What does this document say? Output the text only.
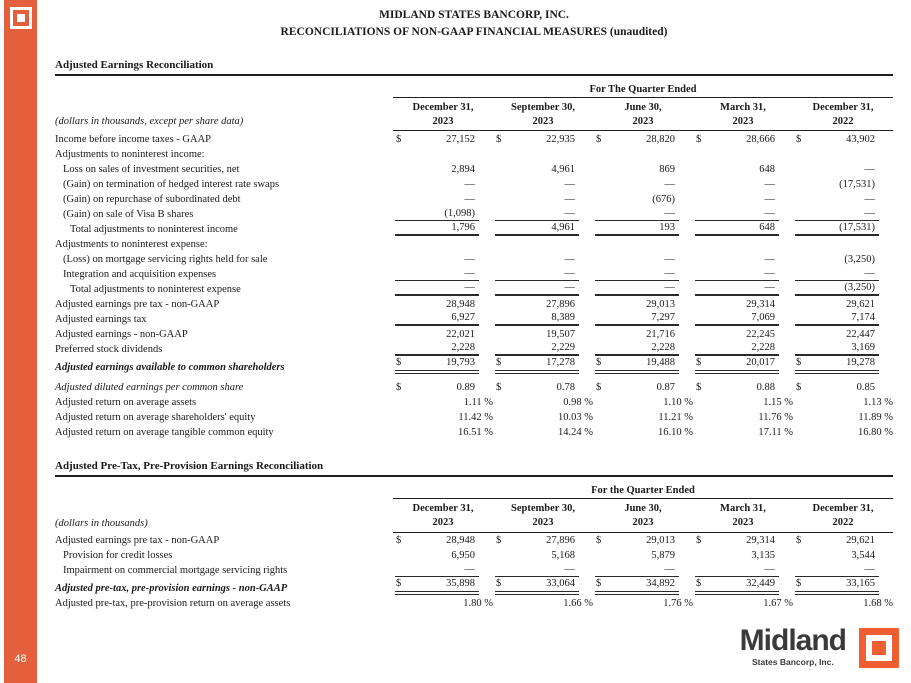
48
MIDLAND STATES BANCORP, INC.
RECONCILIATIONS OF NON-GAAP FINANCIAL MEASURES (unaudited)
Adjusted Earnings Reconciliation
	For The Quarter Ended				
(dollars in thousands, except per share data)	
December 31,
2023

September 30,
2023

June 30,
2023

March 31,
2023

December 31,
2022

Income before income taxes - GAAP	$ 27,152	$ 22,935	$ 28,820	$ 28,666	$ 43,902

Adjustments to noninterest income:					
Loss on sales of investment securities, net	2,894	4,961	869	648	—

(Gain) on termination of hedged interest rate swaps	—	—	—	—	(17,531)

(Gain) on repurchase of subordinated debt	—	—	(676)	—	—

(Gain) on sale of Visa B shares	(1,098)	—	—	—	—

Total adjustments to noninterest income	1,796	4,961	193	648	(17,531)

Adjustments to noninterest expense:					
(Loss) on mortgage servicing rights held for sale	—	—	—	—	(3,250)

Integration and acquisition expenses	—	—	—	—	—

Total adjustments to noninterest expense	—	—	—	—	(3,250)

Adjusted earnings pre tax - non-GAAP	28,948	27,896	29,013	29,314	29,621

Adjusted earnings tax	6,927	8,389	7,297	7,069	7,174

Adjusted earnings - non-GAAP	22,021	19,507	21,716	22,245	22,447

Preferred stock dividends	2,228	2,229	2,228	2,228	3,169

Adjusted earnings available to common shareholders	$ 19,793	$ 17,278	$ 19,488	$ 20,017	$ 19,278

Adjusted diluted earnings per common share	$ 0.89	$ 0.78	$ 0.87	$ 0.88	$ 0.85

Adjusted return on average assets	1.11 %	0.98 %	1.10 %	1.15 %	1.13 %

Adjusted return on average shareholders' equity	11.42 %	10.03 %	11.21 %	11.76 %	11.89 %

Adjusted return on average tangible common equity	16.51 %	14.24 %	16.10 %	17.11 %	16.80 %
Adjusted Pre-Tax, Pre-Provision Earnings Reconciliation
	For the Quarter Ended				
(dollars in thousands)	
December 31,
2023

September 30,
2023

June 30,
2023

March 31,
2023

December 31,
2022

Adjusted earnings pre tax - non-GAAP	$ 28,948	$ 27,896	$ 29,013	$ 29,314	$ 29,621

Provision for credit losses	6,950	5,168	5,879	3,135	3,544

Impairment on commercial mortgage servicing rights	—	—	—	—	—

Adjusted pre-tax, pre-provision earnings - non-GAAP	$ 35,898	$ 33,064	$ 34,892	$ 32,449	$ 33,165

Adjusted pre-tax, pre-provision return on average assets	1.80 %	1.66 %	1.76 %	1.67 %	1.68 %
Midland
States Bancorp, Inc.
